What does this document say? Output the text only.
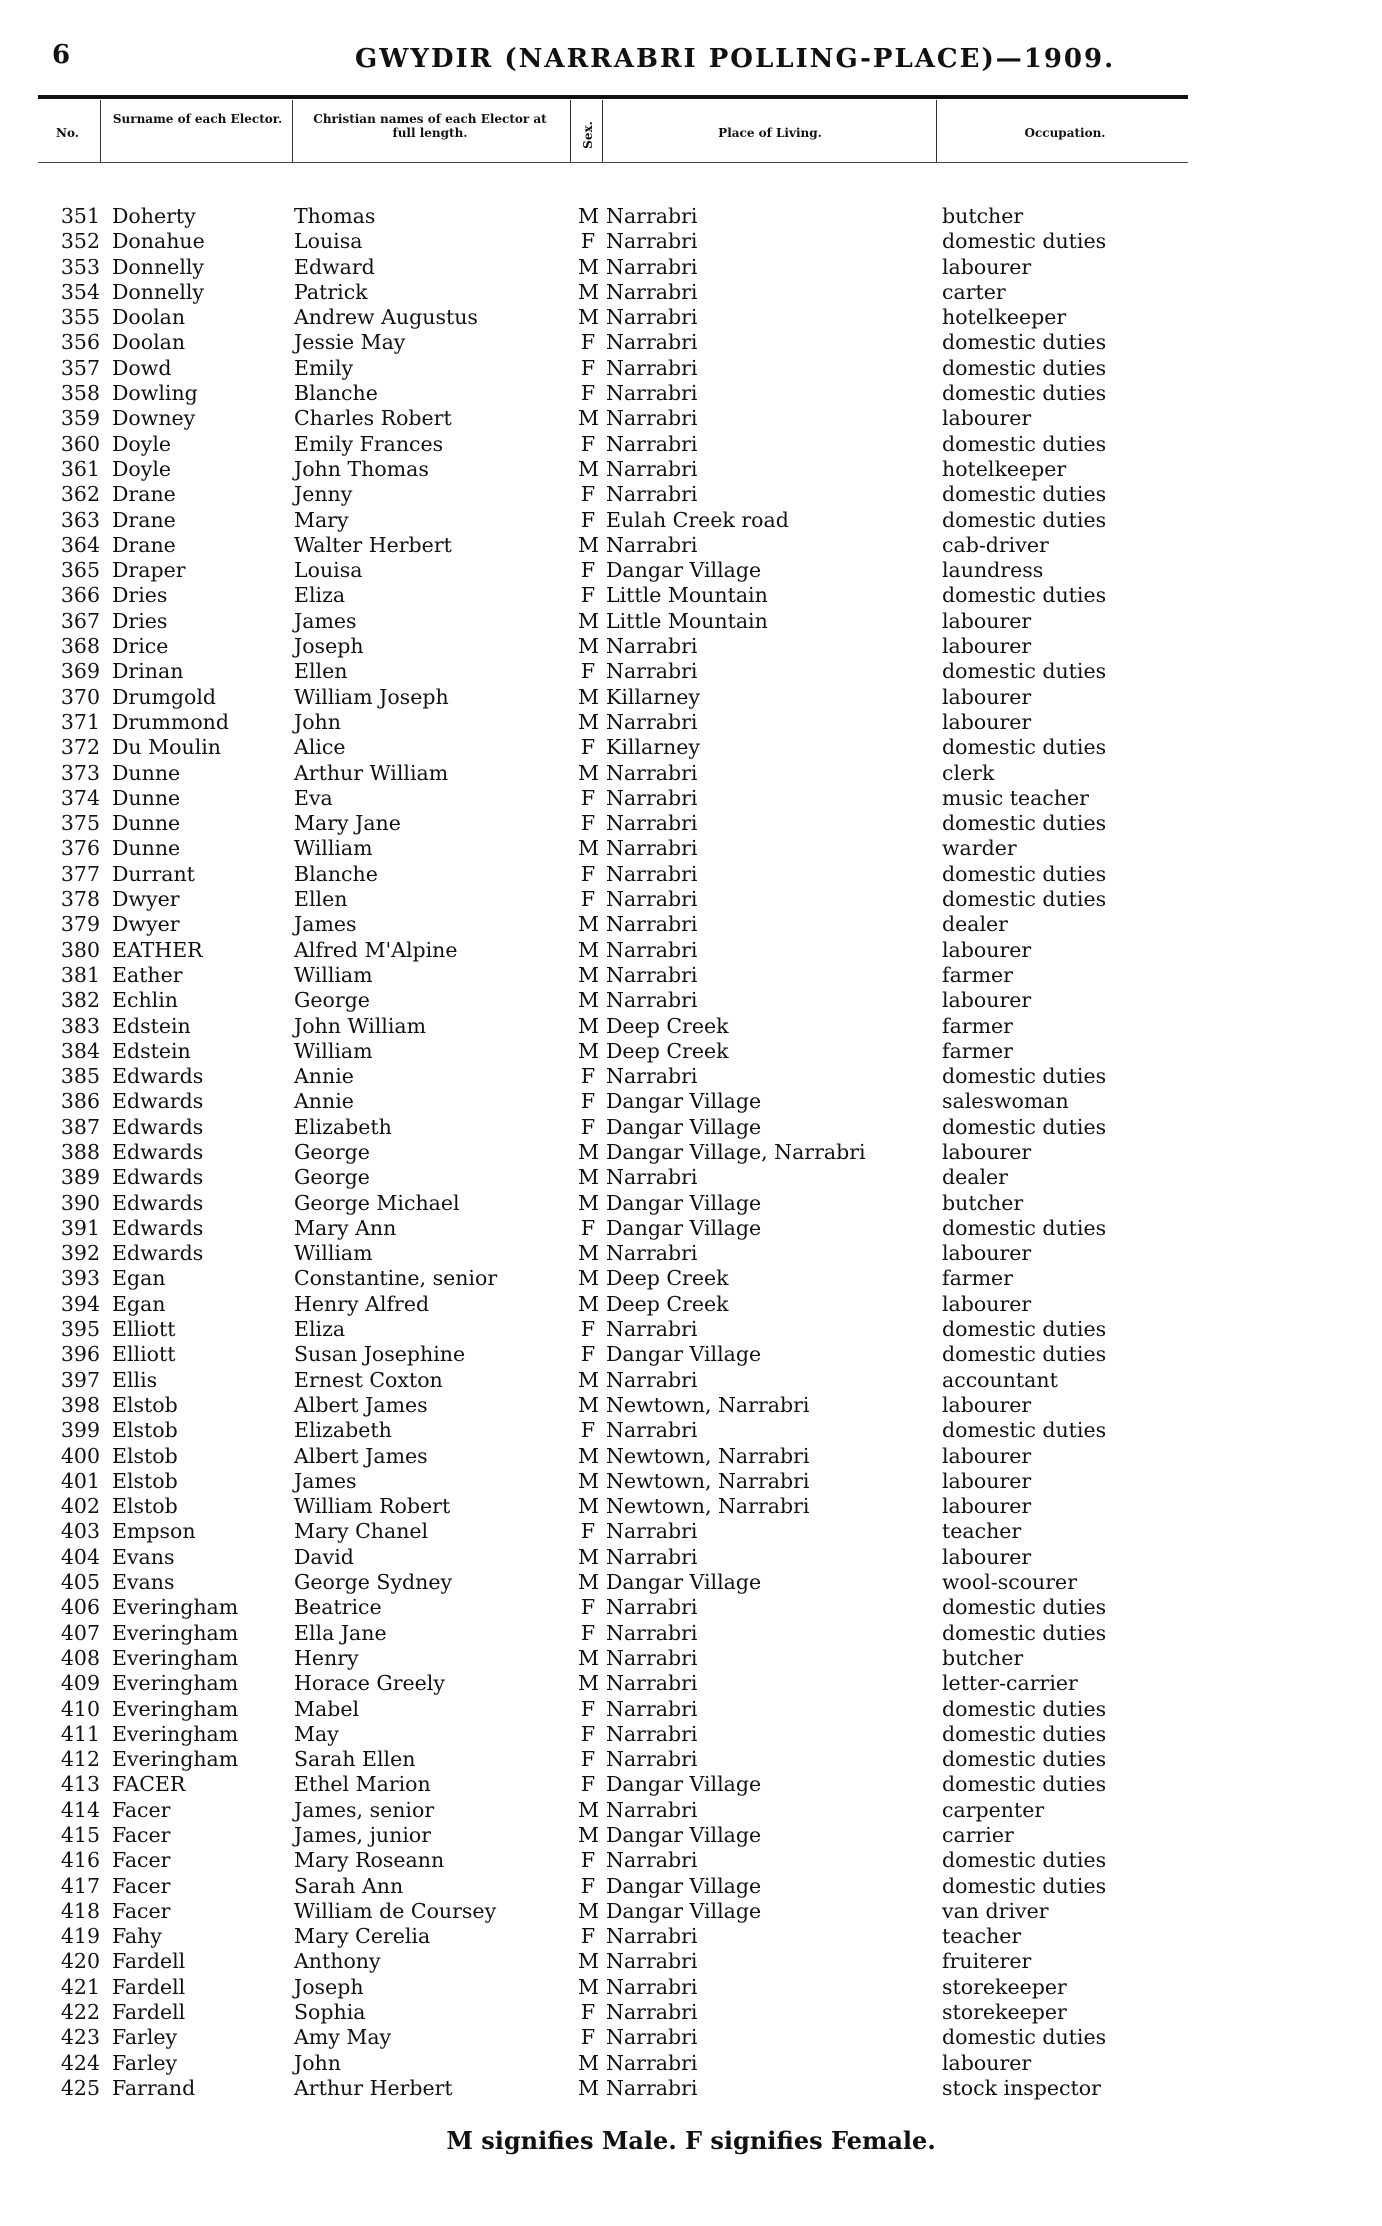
6	GWYDIR (NARRABRI POLLING-PLACE)—1909.
No.
Surname of each Elector.	Christian names of each Elector at full length.	Sex.	Place of Living.	Occupation.
351 Doherty	Thomas	M Narrabri	butcher
352 Donahue	Louisa	F Narrabri	domestic duties
353 Donnelly	Edward	M Narrabri	labourer
354 Donnelly	Patrick	M Narrabri	carter
355 Doolan	Andrew Augustus	M Narrabri	hotelkeeper
356 Doolan	Jessie May	F Narrabri	domestic duties
357 Dowd	Emily	F Narrabri	domestic duties
358 Dowling	Blanche	F Narrabri	domestic duties
359 Downey	Charles Robert	M Narrabri	labourer
360 Doyle	Emily Frances	F Narrabri	domestic duties
361 Doyle	John Thomas	M Narrabri	hotelkeeper
362 Drane	Jenny	F Narrabri	domestic duties
363 Drane	Mary	F Eulah Creek road	domestic duties
364 Drane	Walter Herbert	M Narrabri	cab-driver
365 Draper	Louisa	F Dangar Village	laundress
366 Dries	Eliza	F Little Mountain	domestic duties
367 Dries	James	M Little Mountain	labourer
368 Drice	Joseph	M Narrabri	labourer
369 Drinan	Ellen	F Narrabri	domestic duties
370 Drumgold	William Joseph	M Killarney	labourer
371 Drummond	John	M Narrabri	labourer
372 Du Moulin	Alice	F Killarney	domestic duties
373 Dunne	Arthur William	M Narrabri	clerk
374 Dunne	Eva	F Narrabri	music teacher
375 Dunne	Mary Jane	F Narrabri	domestic duties
376 Dunne	William	M Narrabri	warder
377 Durrant	Blanche	F Narrabri	domestic duties
378 Dwyer	Ellen	F Narrabri	domestic duties
379 Dwyer	James	M Narrabri	dealer
380 EATHER	Alfred M'Alpine	M Narrabri	labourer
381 Eather	William	M Narrabri	farmer
382 Echlin	George	M Narrabri	labourer
383 Edstein	John William	M Deep Creek	farmer
384 Edstein	William	M Deep Creek	farmer
385 Edwards	Annie	F Narrabri	domestic duties
386 Edwards	Annie	F Dangar Village	saleswoman
387 Edwards	Elizabeth	F Dangar Village	domestic duties
388 Edwards	George	M Dangar Village, Narrabri	labourer
389 Edwards	George	M Narrabri	dealer
390 Edwards	George Michael	M Dangar Village	butcher
391 Edwards	Mary Ann	F Dangar Village	domestic duties
392 Edwards	William	M Narrabri	labourer
393 Egan	Constantine, senior	M Deep Creek	farmer
394 Egan	Henry Alfred	M Deep Creek	labourer
395 Elliott	Eliza	F Narrabri	domestic duties
396 Elliott	Susan Josephine	F Dangar Village	domestic duties
397 Ellis	Ernest Coxton	M Narrabri	accountant
398 Elstob	Albert James	M Newtown, Narrabri	labourer
399 Elstob	Elizabeth	F Narrabri	domestic duties
400 Elstob	Albert James	M Newtown, Narrabri	labourer
401 Elstob	James	M Newtown, Narrabri	labourer
402 Elstob	William Robert	M Newtown, Narrabri	labourer
403 Empson	Mary Chanel	F Narrabri	teacher
404 Evans	David	M Narrabri	labourer
405 Evans	George Sydney	M Dangar Village	wool-scourer
406 Everingham	Beatrice	F Narrabri	domestic duties
407 Everingham	Ella Jane	F Narrabri	domestic duties
408 Everingham	Henry	M Narrabri	butcher
409 Everingham	Horace Greely	M Narrabri	letter-carrier
410 Everingham	Mabel	F Narrabri	domestic duties
411 Everingham	May	F Narrabri	domestic duties
412 Everingham	Sarah Ellen	F Narrabri	domestic duties
413 FACER	Ethel Marion	F Dangar Village	domestic duties
414 Facer	James, senior	M Narrabri	carpenter
415 Facer	James, junior	M Dangar Village	carrier
416 Facer	Mary Roseann	F Narrabri	domestic duties
417 Facer	Sarah Ann	F Dangar Village	domestic duties
418 Facer	William de Coursey	M Dangar Village	van driver
419 Fahy	Mary Cerelia	F Narrabri	teacher
420 Fardell	Anthony	M Narrabri	fruiterer
421 Fardell	Joseph	M Narrabri	storekeeper
422 Fardell	Sophia	F Narrabri	storekeeper
423 Farley	Amy May	F Narrabri	domestic duties
424 Farley	John	M Narrabri	labourer
425 Farrand	Arthur Herbert	M Narrabri	stock inspector
M signifies Male. F signifies Female.
